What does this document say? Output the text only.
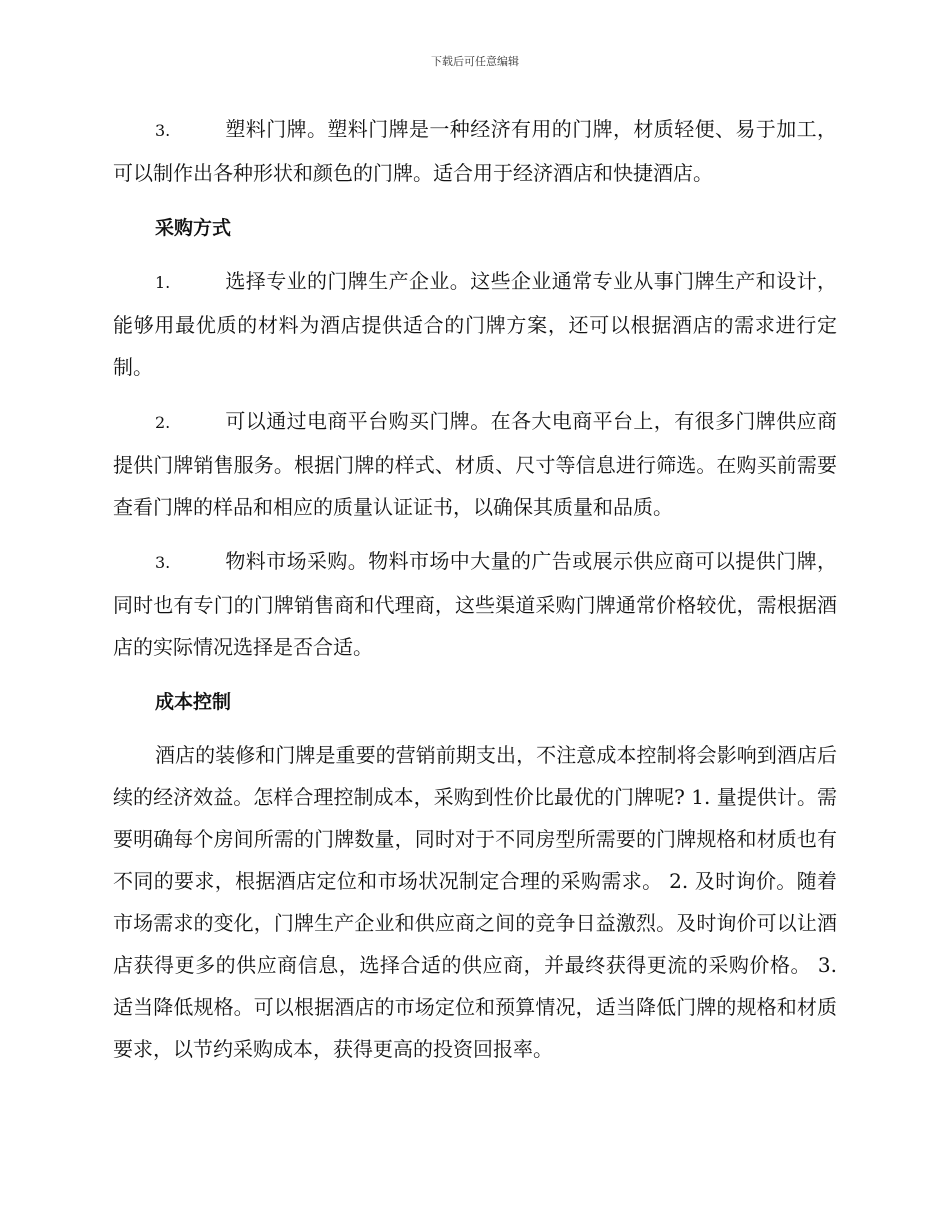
下载后可任意编辑

3.	塑料门牌。塑料门牌是一种经济有用的门牌，材质轻便、易于加工，可以制作出各种形状和颜色的门牌。适合用于经济酒店和快捷酒店。

采购方式

1.	选择专业的门牌生产企业。这些企业通常专业从事门牌生产和设计，能够用最优质的材料为酒店提供适合的门牌方案，还可以根据酒店的需求进行定制。

2.	可以通过电商平台购买门牌。在各大电商平台上，有很多门牌供应商提供门牌销售服务。根据门牌的样式、材质、尺寸等信息进行筛选。在购买前需要查看门牌的样品和相应的质量认证证书，以确保其质量和品质。

3.	物料市场采购。物料市场中大量的广告或展示供应商可以提供门牌，同时也有专门的门牌销售商和代理商，这些渠道采购门牌通常价格较优，需根据酒店的实际情况选择是否合适。

成本控制

酒店的装修和门牌是重要的营销前期支出，不注意成本控制将会影响到酒店后续的经济效益。怎样合理控制成本，采购到性价比最优的门牌呢? 1. 量提供计。需要明确每个房间所需的门牌数量，同时对于不同房型所需要的门牌规格和材质也有不同的要求，根据酒店定位和市场状况制定合理的采购需求。 2. 及时询价。随着市场需求的变化，门牌生产企业和供应商之间的竞争日益激烈。及时询价可以让酒店获得更多的供应商信息，选择合适的供应商，并最终获得更流的采购价格。 3. 适当降低规格。可以根据酒店的市场定位和预算情况，适当降低门牌的规格和材质要求，以节约采购成本，获得更高的投资回报率。
